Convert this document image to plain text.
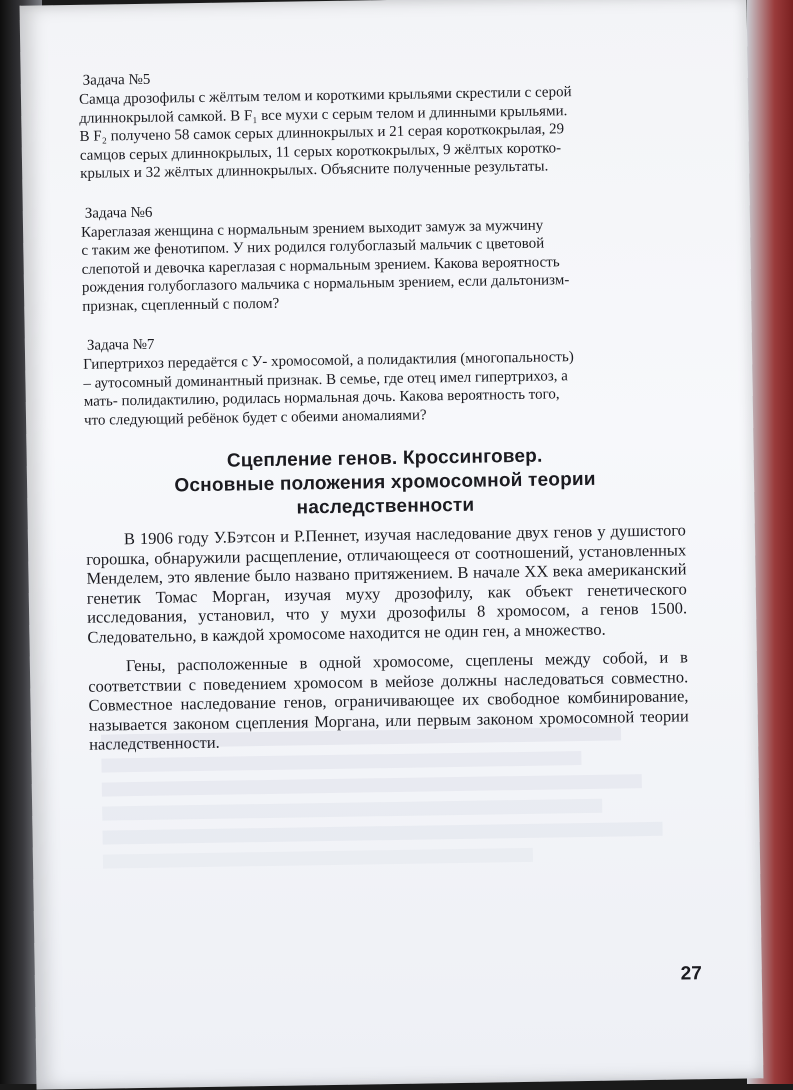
Задача №5
Самца дрозофилы с жёлтым телом и короткими крыльями скрестили с серой
длиннокрылой самкой. В F₁ все мухи с серым телом и длинными крыльями.
В F₂ получено 58 самок серых длиннокрылых и 21 серая короткокрылая, 29
самцов серых длиннокрылых, 11 серых короткокрылых, 9 жёлтых коротко-
крылых и 32 жёлтых длиннокрылых. Объясните полученные результаты.
Задача №6
Кареглазая женщина с нормальным зрением выходит замуж за мужчину
с таким же фенотипом. У них родился голубоглазый мальчик с цветовой
слепотой и девочка кареглазая с нормальным зрением. Какова вероятность
рождения голубоглазого мальчика с нормальным зрением, если дальтонизм-
признак, сцепленный с полом?
Задача №7
Гипертрихоз передаётся с У- хромосомой, а полидактилия (многопальность)
– аутосомный доминантный признак. В семье, где отец имел гипертрихоз, а
мать- полидактилию, родилась нормальная дочь. Какова вероятность того,
что следующий ребёнок будет с обеими аномалиями?
Сцепление генов. Кроссинговер.
Основные положения хромосомной теории
наследственности

В 1906 году У.Бэтсон и Р.Пеннет, изучая наследование двух генов у душистого горошка, обнаружили расщепление, отличающееся от соотношений, установленных Менделем, это явление было названо притяжением. В начале ХХ века американский генетик Томас Морган, изучая муху дрозофилу, как объект генетического исследования, установил, что у мухи дрозофилы 8 хромосом, а генов 1500. Следовательно, в каждой хромосоме находится не один ген, а множество.

Гены, расположенные в одной хромосоме, сцеплены между собой, и в соответствии с поведением хромосом в мейозе должны наследоваться совместно. Совместное наследование генов, ограничивающее их свободное комбинирование, называется законом сцепления Моргана, или первым законом хромосомной теории наследственности.

27
